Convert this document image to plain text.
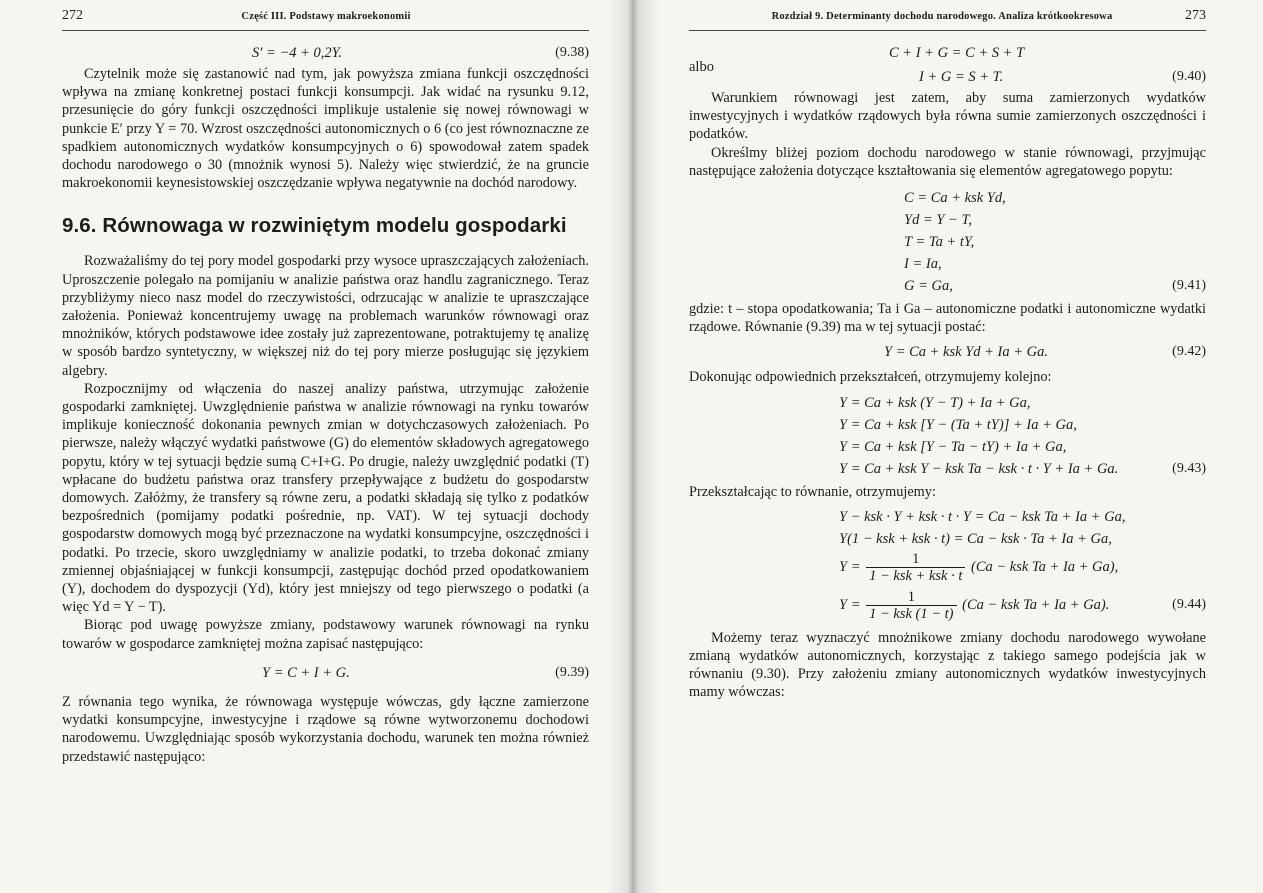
272	Część III. Podstawy makroekonomii
S′ = −4 + 0,2Y.	(9.38)

Czytelnik może się zastanowić nad tym, jak powyższa zmiana funkcji oszczędności wpływa na zmianę konkretnej postaci funkcji konsumpcji. Jak widać na rysunku 9.12, przesunięcie do góry funkcji oszczędności implikuje ustalenie się nowej równowagi w punkcie E′ przy Y = 70. Wzrost oszczędności autonomicznych o 6 (co jest równoznaczne ze spadkiem autonomicznych wydatków konsumpcyjnych o 6) spowodował zatem spadek dochodu narodowego o 30 (mnożnik wynosi 5). Należy więc stwierdzić, że na gruncie makroekonomii keynesistowskiej oszczędzanie wpływa negatywnie na dochód narodowy.

9.6. Równowaga w rozwiniętym modelu gospodarki

Rozważaliśmy do tej pory model gospodarki przy wysoce upraszczających założeniach. Uproszczenie polegało na pomijaniu w analizie państwa oraz handlu zagranicznego. Teraz przybliżymy nieco nasz model do rzeczywistości, odrzucając w analizie te upraszczające założenia. Ponieważ koncentrujemy uwagę na problemach warunków równowagi oraz mnożników, których podstawowe idee zostały już zaprezentowane, potraktujemy tę analizę w sposób bardzo syntetyczny, w większej niż do tej pory mierze posługując się językiem algebry.

Rozpocznijmy od włączenia do naszej analizy państwa, utrzymując założenie gospodarki zamkniętej. Uwzględnienie państwa w analizie równowagi na rynku towarów implikuje konieczność dokonania pewnych zmian w dotychczasowych założeniach. Po pierwsze, należy włączyć wydatki państwowe (G) do elementów składowych agregatowego popytu, który w tej sytuacji będzie sumą C+I+G. Po drugie, należy uwzględnić podatki (T) wpłacane do budżetu państwa oraz transfery przepływające z budżetu do gospodarstw domowych. Załóżmy, że transfery są równe zeru, a podatki składają się tylko z podatków bezpośrednich (pomijamy podatki pośrednie, np. VAT). W tej sytuacji dochody gospodarstw domowych mogą być przeznaczone na wydatki konsumpcyjne, oszczędności i podatki. Po trzecie, skoro uwzględniamy w analizie podatki, to trzeba dokonać zmiany zmiennej objaśniającej w funkcji konsumpcji, zastępując dochód przed opodatkowaniem (Y), dochodem do dyspozycji (Yd), który jest mniejszy od tego pierwszego o podatki (a więc Yd = Y − T).

Biorąc pod uwagę powyższe zmiany, podstawowy warunek równowagi na rynku towarów w gospodarce zamkniętej można zapisać następująco:

Y = C + I + G.	(9.39)

Z równania tego wynika, że równowaga występuje wówczas, gdy łączne zamierzone wydatki konsumpcyjne, inwestycyjne i rządowe są równe wytworzonemu dochodowi narodowemu. Uwzględniając sposób wykorzystania dochodu, warunek ten można również przedstawić następująco:

Rozdział 9. Determinanty dochodu narodowego. Analiza krótkookresowa	273
C + I + G = C + S + T
albo
I + G = S + T.	(9.40)

Warunkiem równowagi jest zatem, aby suma zamierzonych wydatków inwestycyjnych i wydatków rządowych była równa sumie zamierzonych oszczędności i podatków.

Określmy bliżej poziom dochodu narodowego w stanie równowagi, przyjmując następujące założenia dotyczące kształtowania się elementów agregatowego popytu:

C = Ca + ksk Yd,
Yd = Y − T,
T = Ta + tY,
I = Ia,
G = Ga,	(9.41)

gdzie: t – stopa opodatkowania; Ta i Ga – autonomiczne podatki i autonomiczne wydatki rządowe. Równanie (9.39) ma w tej sytuacji postać:

Y = Ca + ksk Yd + Ia + Ga.	(9.42)

Dokonując odpowiednich przekształceń, otrzymujemy kolejno:

Y = Ca + ksk (Y − T) + Ia + Ga,
Y = Ca + ksk [Y − (Ta + tY)] + Ia + Ga,
Y = Ca + ksk [Y − Ta − tY) + Ia + Ga,
Y = Ca + ksk Y − ksk Ta − ksk · t · Y + Ia + Ga.	(9.43)

Przekształcając to równanie, otrzymujemy:

Y − ksk · Y + ksk · t · Y = Ca − ksk Ta + Ia + Ga,
Y(1 − ksk + ksk · t) = Ca − ksk · Ta + Ia + Ga,
$Y = \frac{1}{\text{1 − ksk + ksk · t}} (Ca$ − ksk Ta + Ia + Ga),
$Y = \frac{1}{\text{1 − ksk (1 − t)}} (Ca$ − ksk Ta + Ia + Ga).	(9.44)

Możemy teraz wyznaczyć mnożnikowe zmiany dochodu narodowego wywołane zmianą wydatków autonomicznych, korzystając z takiego samego podejścia jak w równaniu (9.30). Przy założeniu zmiany autonomicznych wydatków inwestycyjnych mamy wówczas:
